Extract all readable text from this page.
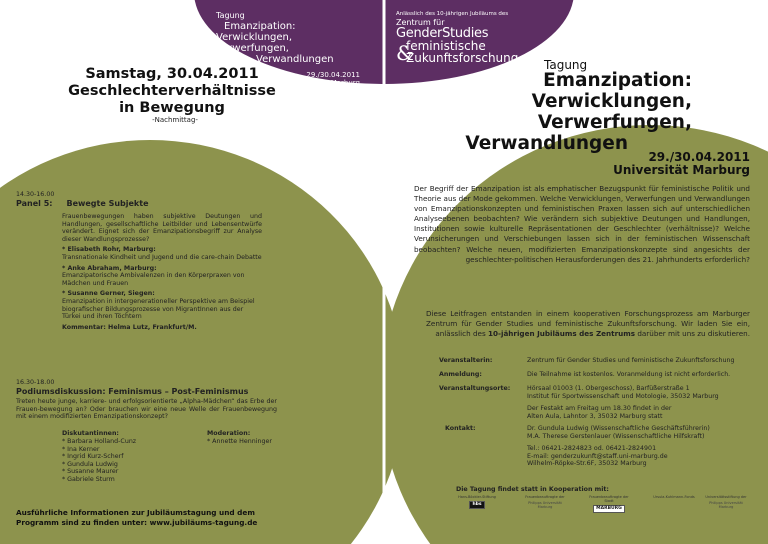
Tagung
Emanzipation:
Verwicklungen, Verwerfungen,
Verwandlungen
29./30.04.2011
Universität Marburg
Anlässlich des 10-jährigen Jubiläums des
Zentrum für
GenderStudies
feministische
Zukunftsforschung
&
Samstag, 30.04.2011
Geschlechterverhältnisse
in Bewegung
-Nachmittag-
Tagung
Emanzipation:
Verwicklungen, Verwerfungen,
Verwandlungen
14.30-16.00
Panel 5: Bewegte Subjekte
Frauenbewegungen haben subjektive Deutungen und Handlungen, gesellschaftliche Leitbilder und Lebensentwürfe verändert. Eignet sich der Emanzipationsbegriff zur Analyse dieser Wandlungsprozesse?
* Elisabeth Rohr, Marburg:
Transnationale Kindheit und Jugend und die care-chain Debatte
* Anke Abraham, Marburg:
Emanzipatorische Ambivalenzen in den Körperpraxen von Mädchen und Frauen
* Susanne Gerner, Siegen:
Emanzipation in intergenerationeller Perspektive am Beispiel biografischer Bildungsprozesse von MigrantInnen aus der Türkei und ihren Töchtern
Kommentar: Helma Lutz, Frankfurt/M.
16.30-18.00
Podiumsdiskussion: Feminismus – Post-Feminismus
Treten heute junge, karriere- und erfolgsorientierte „Alpha-Mädchen“ das Erbe der Frauen-bewegung an? Oder brauchen wir eine neue Welle der Frauenbewegung mit einem modifizierten Emanzipationskonzept?
Diskutantinnen:
* Barbara Holland-Cunz
* Ina Kerner
* Ingrid Kurz-Scherf
* Gundula Ludwig
* Susanne Maurer
* Gabriele Sturm
Moderation:
* Annette Henninger
Ausführliche Informationen zur Jubiläumstagung und dem
Programm sind zu finden unter: www.jubiläums-tagung.de
29./30.04.2011
Universität Marburg
Der Begriff der Emanzipation ist als emphatischer Bezugspunkt für feministische Politik und Theorie aus der Mode gekommen. Welche Verwicklungen, Verwerfungen und Verwandlungen von Emanzipationskonzepten und feministischen Praxen lassen sich auf unterschiedlichen Analyseebenen beobachten? Wie verändern sich subjektive Deutungen und Handlungen, Institutionen sowie kulturelle Repräsentationen der Geschlechter (verhältnisse)? Welche Verunsicherungen und Verschiebungen lassen sich in der feministischen Wissenschaft beobachten? Welche neuen, modifizierten Emanzipationskonzepte sind angesichts der geschlechter-politischen Herausforderungen des 21. Jahrhunderts erforderlich?
Diese Leitfragen entstanden in einem kooperativen Forschungsprozess am Marburger Zentrum für Gender Studies und feministische Zukunftsforschung. Wir laden Sie ein, anlässlich des 10-jährigen Jubiläums des Zentrums darüber mit uns zu diskutieren.
Veranstalterin:	Zentrum für Gender Studies und feministische Zukunftsforschung
Anmeldung:	Die Teilnahme ist kostenlos. Voranmeldung ist nicht erforderlich.
Veranstaltungsorte:	Hörsaal 01003 (1. Obergeschoss), Barfüßerstraße 1
Institut für Sportwissenschaft und Motologie, 35032 Marburg
Der Festakt am Freitag um 18.30 findet in der
Alten Aula, Lahntor 3, 35032 Marburg statt
Kontakt:	Dr. Gundula Ludwig (Wissenschaftliche Geschäftsführerin)
M.A. Therese Gerstenlauer (Wissenschaftliche Hilfskraft)
Tel.: 06421-2824823 od. 06421-2824901
E-mail: genderzukunft@staff.uni-marburg.de
Wilhelm-Röpke-Str.6F, 35032 Marburg
Die Tagung findet statt in Kooperation mit:
Hans-Böckler-Stiftung
hbs
Frauenbeauftragte der
Philipps Universität Marburg
Frauenbeauftragte der Stadt
MARBURG
Ursula-Kuhlmann-Fonds	Universitätsstiftung der
Philipps Universität Marburg
